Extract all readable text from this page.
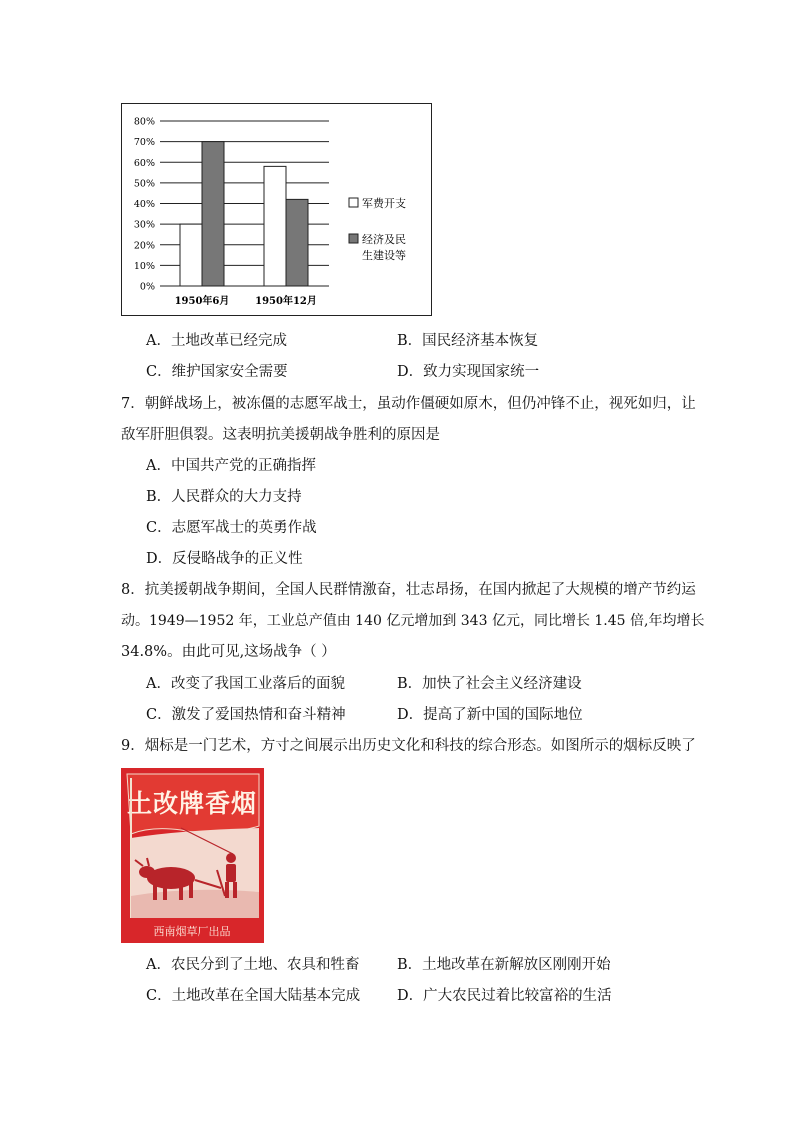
0%
10%
20%
30%
40%
50%
60%
70%
80%
1950年6月	1950年12月
军费开支
经济及民
生建设等
A．土地改革已经完成	B．国民经济基本恢复
C．维护国家安全需要	D．致力实现国家统一
7．朝鲜战场上，被冻僵的志愿军战士，虽动作僵硬如原木，但仍冲锋不止，视死如归，让
敌军肝胆俱裂。这表明抗美援朝战争胜利的原因是
A．中国共产党的正确指挥
B．人民群众的大力支持
C．志愿军战士的英勇作战
D．反侵略战争的正义性
8．抗美援朝战争期间，全国人民群情激奋，壮志昂扬，在国内掀起了大规模的增产节约运
动。1949—1952 年，工业总产值由 140 亿元增加到 343 亿元，同比增长 1.45 倍,年均增长
34.8%。由此可见,这场战争（ ）
A．改变了我国工业落后的面貌	B．加快了社会主义经济建设
C．激发了爱国热情和奋斗精神	D．提高了新中国的国际地位
9．烟标是一门艺术，方寸之间展示出历史文化和科技的综合形态。如图所示的烟标反映了
土改牌香烟
西南烟草厂出品
A．农民分到了土地、农具和牲畜	B．土地改革在新解放区刚刚开始
C．土地改革在全国大陆基本完成	D．广大农民过着比较富裕的生活
